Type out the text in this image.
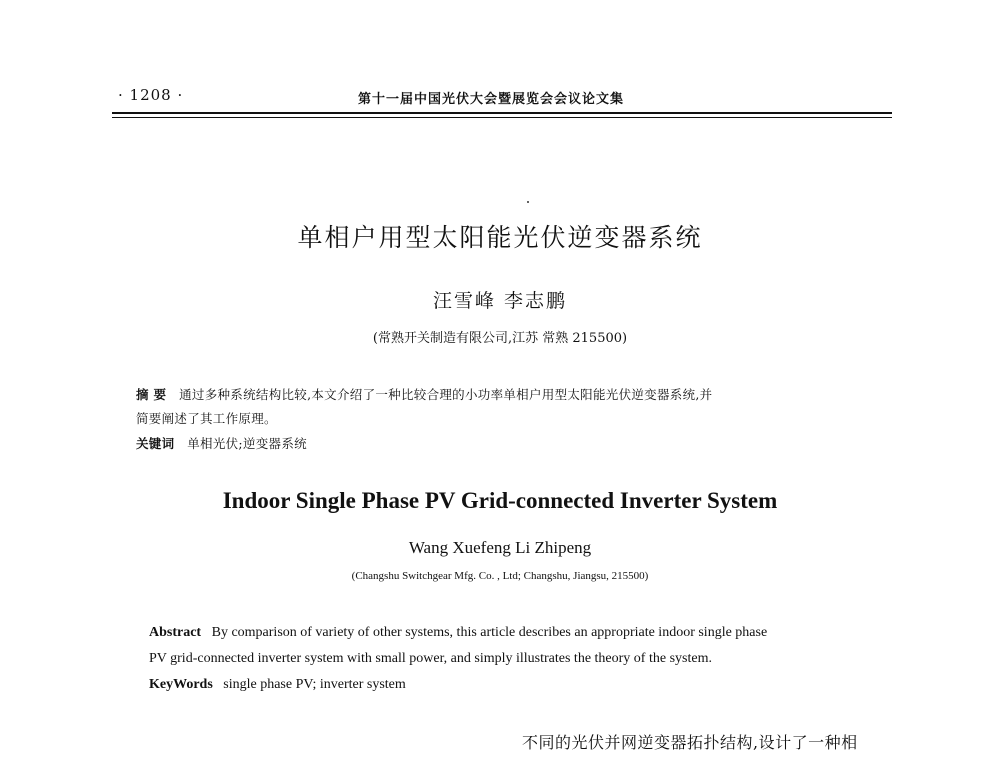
· 1208 ·	第十一届中国光伏大会暨展览会会议论文集
单相户用型太阳能光伏逆变器系统
汪雪峰 李志鹏
(常熟开关制造有限公司,江苏 常熟 215500)
摘 要 通过多种系统结构比较,本文介绍了一种比较合理的小功率单相户用型太阳能光伏逆变器系统,并
简要阐述了其工作原理。
关键词 单相光伏;逆变器系统
Indoor Single Phase PV Grid-connected Inverter System
Wang Xuefeng Li Zhipeng
(Changshu Switchgear Mfg. Co. , Ltd; Changshu, Jiangsu, 215500)
Abstract By comparison of variety of other systems, this article describes an appropriate indoor single phase
PV grid-connected inverter system with small power, and simply illustrates the theory of the system.
KeyWords single phase PV; inverter system
不同的光伏并网逆变器拓扑结构,设计了一种相
